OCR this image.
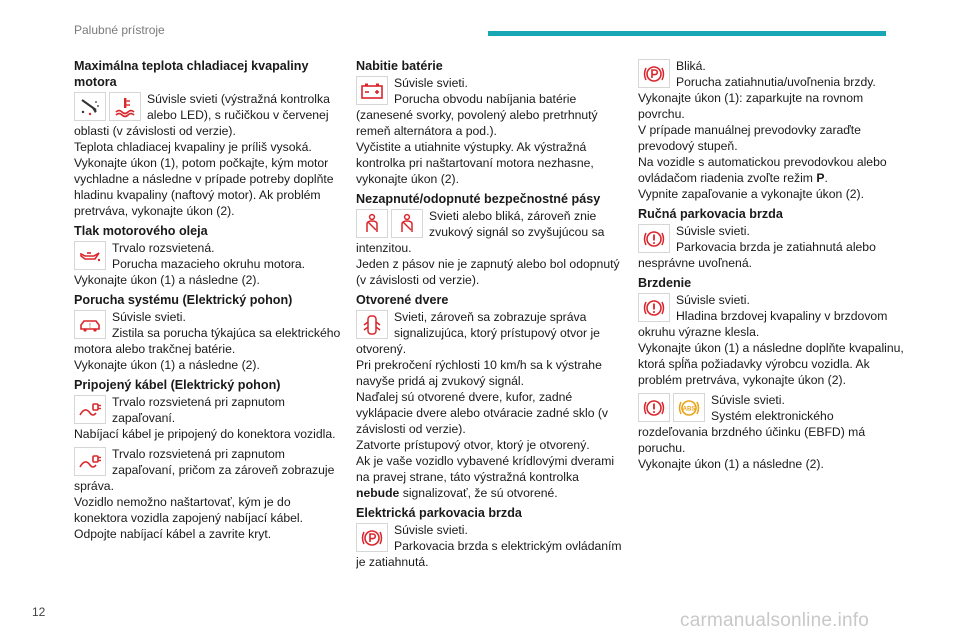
Palubné prístroje
Maximálna teplota chladiacej kvapaliny motora

Súvisle svieti (výstražná kontrolka alebo LED), s ručičkou v červenej oblasti (v závislosti od verzie).

Teplota chladiacej kvapaliny je príliš vysoká.

Vykonajte úkon (1), potom počkajte, kým motor vychladne a následne v prípade potreby doplňte hladinu kvapaliny (naftový motor). Ak problém pretrváva, vykonajte úkon (2).

Tlak motorového oleja

Trvalo rozsvietená.

Porucha mazacieho okruhu motora.

Vykonajte úkon (1) a následne (2).

Porucha systému (Elektrický pohon)
!

Súvisle svieti.

Zistila sa porucha týkajúca sa elektrického motora alebo trakčnej batérie.

Vykonajte úkon (1) a následne (2).

Pripojený kábel (Elektrický pohon)

Trvalo rozsvietená pri zapnutom zapaľovaní.

Nabíjací kábel je pripojený do konektora vozidla.

Trvalo rozsvietená pri zapnutom zapaľovaní, pričom za zároveň zobrazuje správa.

Vozidlo nemožno naštartovať, kým je do konektora vozidla zapojený nabíjací kábel.

Odpojte nabíjací kábel a zavrite kryt.

Nabitie batérie

Súvisle svieti.

Porucha obvodu nabíjania batérie (zanesené svorky, povolený alebo pretrhnutý remeň alternátora a pod.).

Vyčistite a utiahnite výstupky. Ak výstražná kontrolka pri naštartovaní motora nezhasne, vykonajte úkon (2).

Nezapnuté/odopnuté bezpečnostné pásy

Svieti alebo bliká, zároveň znie zvukový signál so zvyšujúcou sa intenzitou.

Jeden z pásov nie je zapnutý alebo bol odopnutý (v závislosti od verzie).

Otvorené dvere

Svieti, zároveň sa zobrazuje správa signalizujúca, ktorý prístupový otvor je otvorený.

Pri prekročení rýchlosti 10 km/h sa k výstrahe navyše pridá aj zvukový signál.

Naďalej sú otvorené dvere, kufor, zadné vyklápacie dvere alebo otváracie zadné sklo (v závislosti od verzie).

Zatvorte prístupový otvor, ktorý je otvorený.

Ak je vaše vozidlo vybavené krídlovými dverami na pravej strane, táto výstražná kontrolka nebude signalizovať, že sú otvorené.

Elektrická parkovacia brzda

Súvisle svieti.

Parkovacia brzda s elektrickým ovládaním je zatiahnutá.

Bliká.

Porucha zatiahnutia/uvoľnenia brzdy.

Vykonajte úkon (1): zaparkujte na rovnom povrchu.

V prípade manuálnej prevodovky zaraďte prevodový stupeň.

Na vozidle s automatickou prevodovkou alebo ovládačom riadenia zvoľte režim P.

Vypnite zapaľovanie a vykonajte úkon (2).

Ručná parkovacia brzda

Súvisle svieti.

Parkovacia brzda je zatiahnutá alebo nesprávne uvoľnená.

Brzdenie

Súvisle svieti.

Hladina brzdovej kvapaliny v brzdovom okruhu výrazne klesla.

Vykonajte úkon (1) a následne doplňte kvapalinu, ktorá spĺňa požiadavky výrobcu vozidla. Ak problém pretrváva, vykonajte úkon (2).

ABS

Súvisle svieti.

Systém elektronického rozdeľovania brzdného účinku (EBFD) má poruchu.

Vykonajte úkon (1) a následne (2).

12	carmanualsonline.info
